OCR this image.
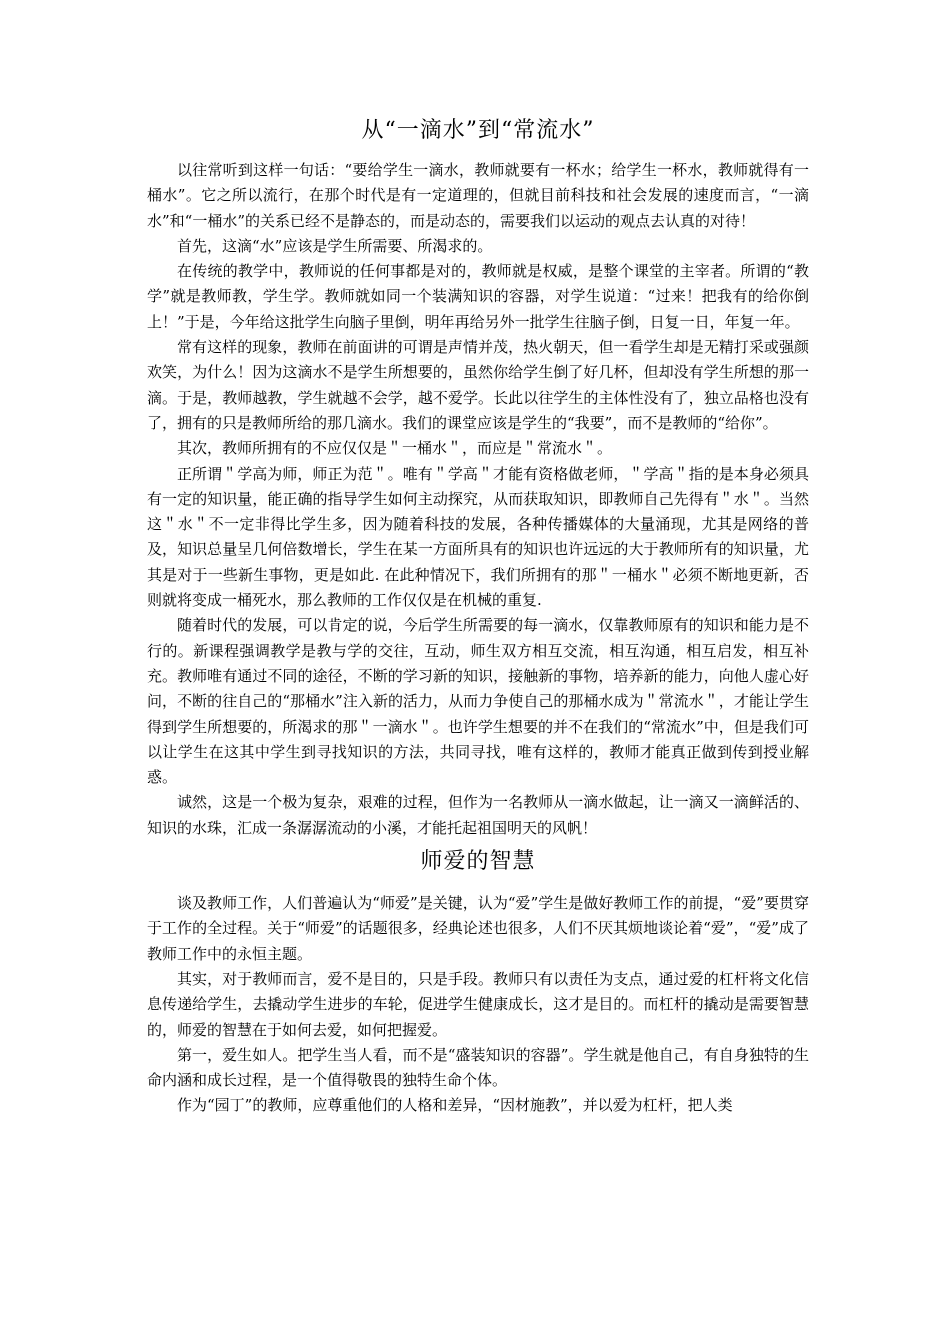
从“一滴水”到“常流水”

以往常听到这样一句话：“要给学生一滴水，教师就要有一杯水；给学生一杯水，教师就得有一桶水”。它之所以流行，在那个时代是有一定道理的，但就目前科技和社会发展的速度而言，“一滴水”和“一桶水”的关系已经不是静态的，而是动态的，需要我们以运动的观点去认真的对待！

首先，这滴“水”应该是学生所需要、所渴求的。

在传统的教学中，教师说的任何事都是对的，教师就是权威，是整个课堂的主宰者。所谓的“教学”就是教师教，学生学。教师就如同一个装满知识的容器，对学生说道：“过来！把我有的给你倒上！”于是，今年给这批学生向脑子里倒，明年再给另外一批学生往脑子倒，日复一日，年复一年。

常有这样的现象，教师在前面讲的可谓是声情并茂，热火朝天，但一看学生却是无精打采或强颜欢笑，为什么！因为这滴水不是学生所想要的，虽然你给学生倒了好几杯，但却没有学生所想的那一滴。于是，教师越教，学生就越不会学，越不爱学。长此以往学生的主体性没有了，独立品格也没有了，拥有的只是教师所给的那几滴水。我们的课堂应该是学生的“我要”，而不是教师的“给你”。

其次，教师所拥有的不应仅仅是＂一桶水＂，而应是＂常流水＂。

正所谓＂学高为师，师正为范＂。唯有＂学高＂才能有资格做老师，＂学高＂指的是本身必须具有一定的知识量，能正确的指导学生如何主动探究，从而获取知识，即教师自己先得有＂水＂。当然这＂水＂不一定非得比学生多，因为随着科技的发展，各种传播媒体的大量涌现，尤其是网络的普及，知识总量呈几何倍数增长，学生在某一方面所具有的知识也许远远的大于教师所有的知识量，尤其是对于一些新生事物，更是如此. 在此种情况下，我们所拥有的那＂一桶水＂必须不断地更新，否则就将变成一桶死水，那么教师的工作仅仅是在机械的重复.

随着时代的发展，可以肯定的说，今后学生所需要的每一滴水，仅靠教师原有的知识和能力是不行的。新课程强调教学是教与学的交往，互动，师生双方相互交流，相互沟通，相互启发，相互补充。教师唯有通过不同的途径，不断的学习新的知识，接触新的事物，培养新的能力，向他人虚心好问，不断的往自己的“那桶水”注入新的活力，从而力争使自己的那桶水成为＂常流水＂，才能让学生得到学生所想要的，所渴求的那＂一滴水＂。也许学生想要的并不在我们的“常流水”中，但是我们可以让学生在这其中学生到寻找知识的方法，共同寻找，唯有这样的，教师才能真正做到传到授业解惑。

诚然，这是一个极为复杂，艰难的过程，但作为一名教师从一滴水做起，让一滴又一滴鲜活的、知识的水珠，汇成一条潺潺流动的小溪，才能托起祖国明天的风帆！

师爱的智慧

谈及教师工作，人们普遍认为“师爱”是关键，认为“爱”学生是做好教师工作的前提，“爱”要贯穿于工作的全过程。关于“师爱”的话题很多，经典论述也很多，人们不厌其烦地谈论着“爱”，“爱”成了教师工作中的永恒主题。

其实，对于教师而言，爱不是目的，只是手段。教师只有以责任为支点，通过爱的杠杆将文化信息传递给学生，去撬动学生进步的车轮，促进学生健康成长，这才是目的。而杠杆的撬动是需要智慧的，师爱的智慧在于如何去爱，如何把握爱。

第一，爱生如人。把学生当人看，而不是“盛装知识的容器”。学生就是他自己，有自身独特的生命内涵和成长过程，是一个值得敬畏的独特生命个体。

作为“园丁”的教师，应尊重他们的人格和差异，“因材施教”，并以爱为杠杆，把人类
